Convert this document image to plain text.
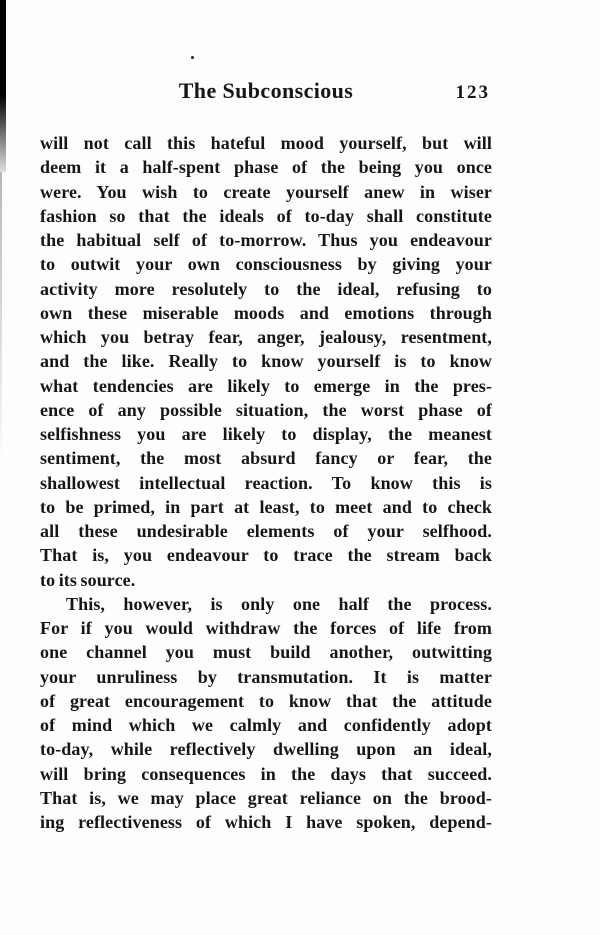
The Subconscious	123
will not call this hateful mood yourself, but will
deem it a half-spent phase of the being you once
were. You wish to create yourself anew in wiser
fashion so that the ideals of to-day shall constitute
the habitual self of to-morrow. Thus you endeavour
to outwit your own consciousness by giving your
activity more resolutely to the ideal, refusing to
own these miserable moods and emotions through
which you betray fear, anger, jealousy, resentment,
and the like. Really to know yourself is to know
what tendencies are likely to emerge in the pres-
ence of any possible situation, the worst phase of
selfishness you are likely to display, the meanest
sentiment, the most absurd fancy or fear, the
shallowest intellectual reaction. To know this is
to be primed, in part at least, to meet and to check
all these undesirable elements of your selfhood.
That is, you endeavour to trace the stream back
to its source.
This, however, is only one half the process.
For if you would withdraw the forces of life from
one channel you must build another, outwitting
your unruliness by transmutation. It is matter
of great encouragement to know that the attitude
of mind which we calmly and confidently adopt
to-day, while reflectively dwelling upon an ideal,
will bring consequences in the days that succeed.
That is, we may place great reliance on the brood-
ing reflectiveness of which I have spoken, depend-
